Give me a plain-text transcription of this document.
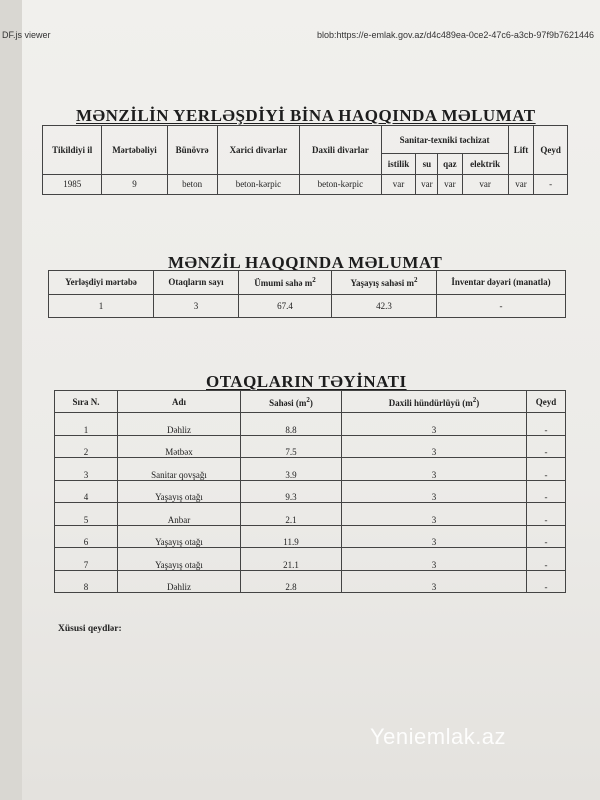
DF.js viewer	blob:https://e-emlak.gov.az/d4c489ea-0ce2-47c6-a3cb-97f9b7621446
MƏNZİLİN YERLƏŞDİYİ BİNA HAQQINDA MƏLUMAT
Tikildiyi il	Mərtəbəliyi	Bünövrə	Xarici divarlar	Daxili divarlar	Sanitar-texniki təchizat				Lift	Qeyd
					istilik	su	qaz	elektrik		
1985	9	beton	beton-kərpic	beton-kərpic	var	var	var	var	var	-
MƏNZİL HAQQINDA MƏLUMAT
Yerləşdiyi mərtəbə	Otaqların sayı	Ümumi sahə $m^2$	Yaşayış sahəsi $m^2$	İnventar dəyəri (manatla)
1	3	67.4	42.3	-
OTAQLARIN TƏYİNATI
Sıra N.	Adı	Sahəsi $(m^2)$	Daxili hündürlüyü $(m^2)$	Qeyd
1	Dəhliz	8.8	3	-
2	Mətbəx	7.5	3	-
3	Sanitar qovşağı	3.9	3	-
4	Yaşayış otağı	9.3	3	-
5	Anbar	2.1	3	-
6	Yaşayış otağı	11.9	3	-
7	Yaşayış otağı	21.1	3	-
8	Dəhliz	2.8	3	-
Xüsusi qeydlər:
Yeniemlak.az
